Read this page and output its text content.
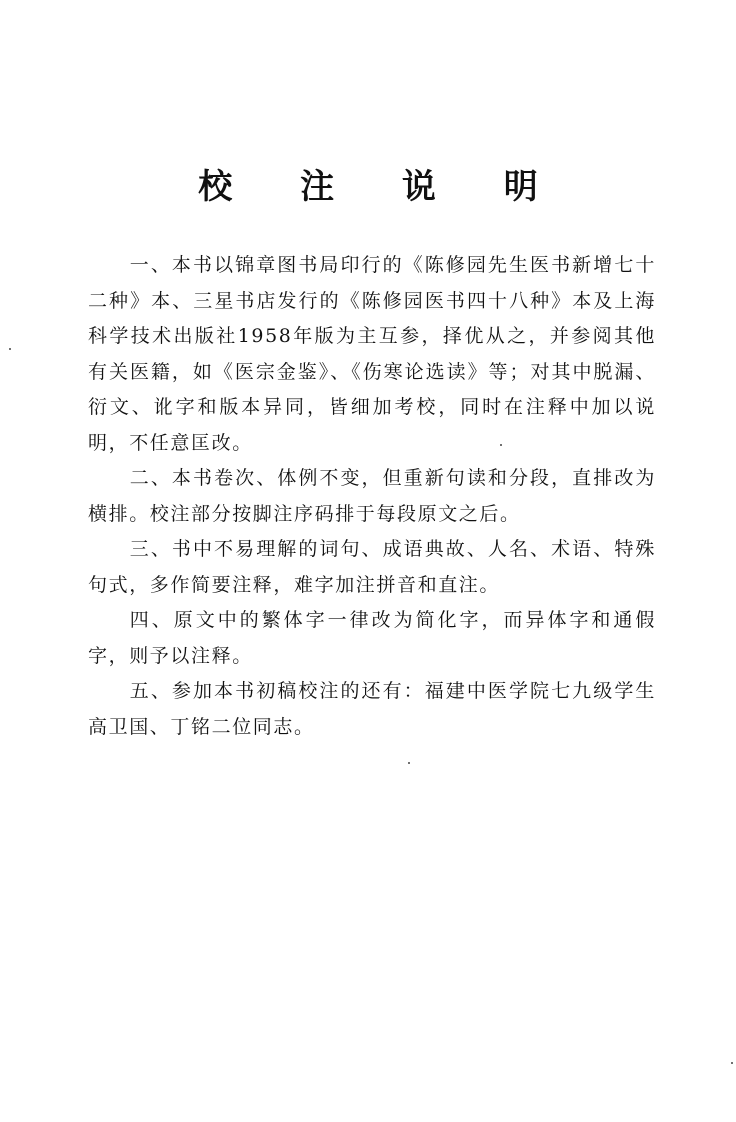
校 注 说 明

一、本书以锦章图书局印行的《陈修园先生医书新增七十二种》本、三星书店发行的《陈修园医书四十八种》本及上海科学技术出版社1958年版为主互参，择优从之，并参阅其他有关医籍，如《医宗金鉴》、《伤寒论选读》等；对其中脱漏、衍文、讹字和版本异同，皆细加考校，同时在注释中加以说明，不任意匡改。

二、本书卷次、体例不变，但重新句读和分段，直排改为横排。校注部分按脚注序码排于每段原文之后。

三、书中不易理解的词句、成语典故、人名、术语、特殊句式，多作简要注释，难字加注拼音和直注。

四、原文中的繁体字一律改为简化字，而异体字和通假字，则予以注释。

五、参加本书初稿校注的还有：福建中医学院七九级学生高卫国、丁铭二位同志。
